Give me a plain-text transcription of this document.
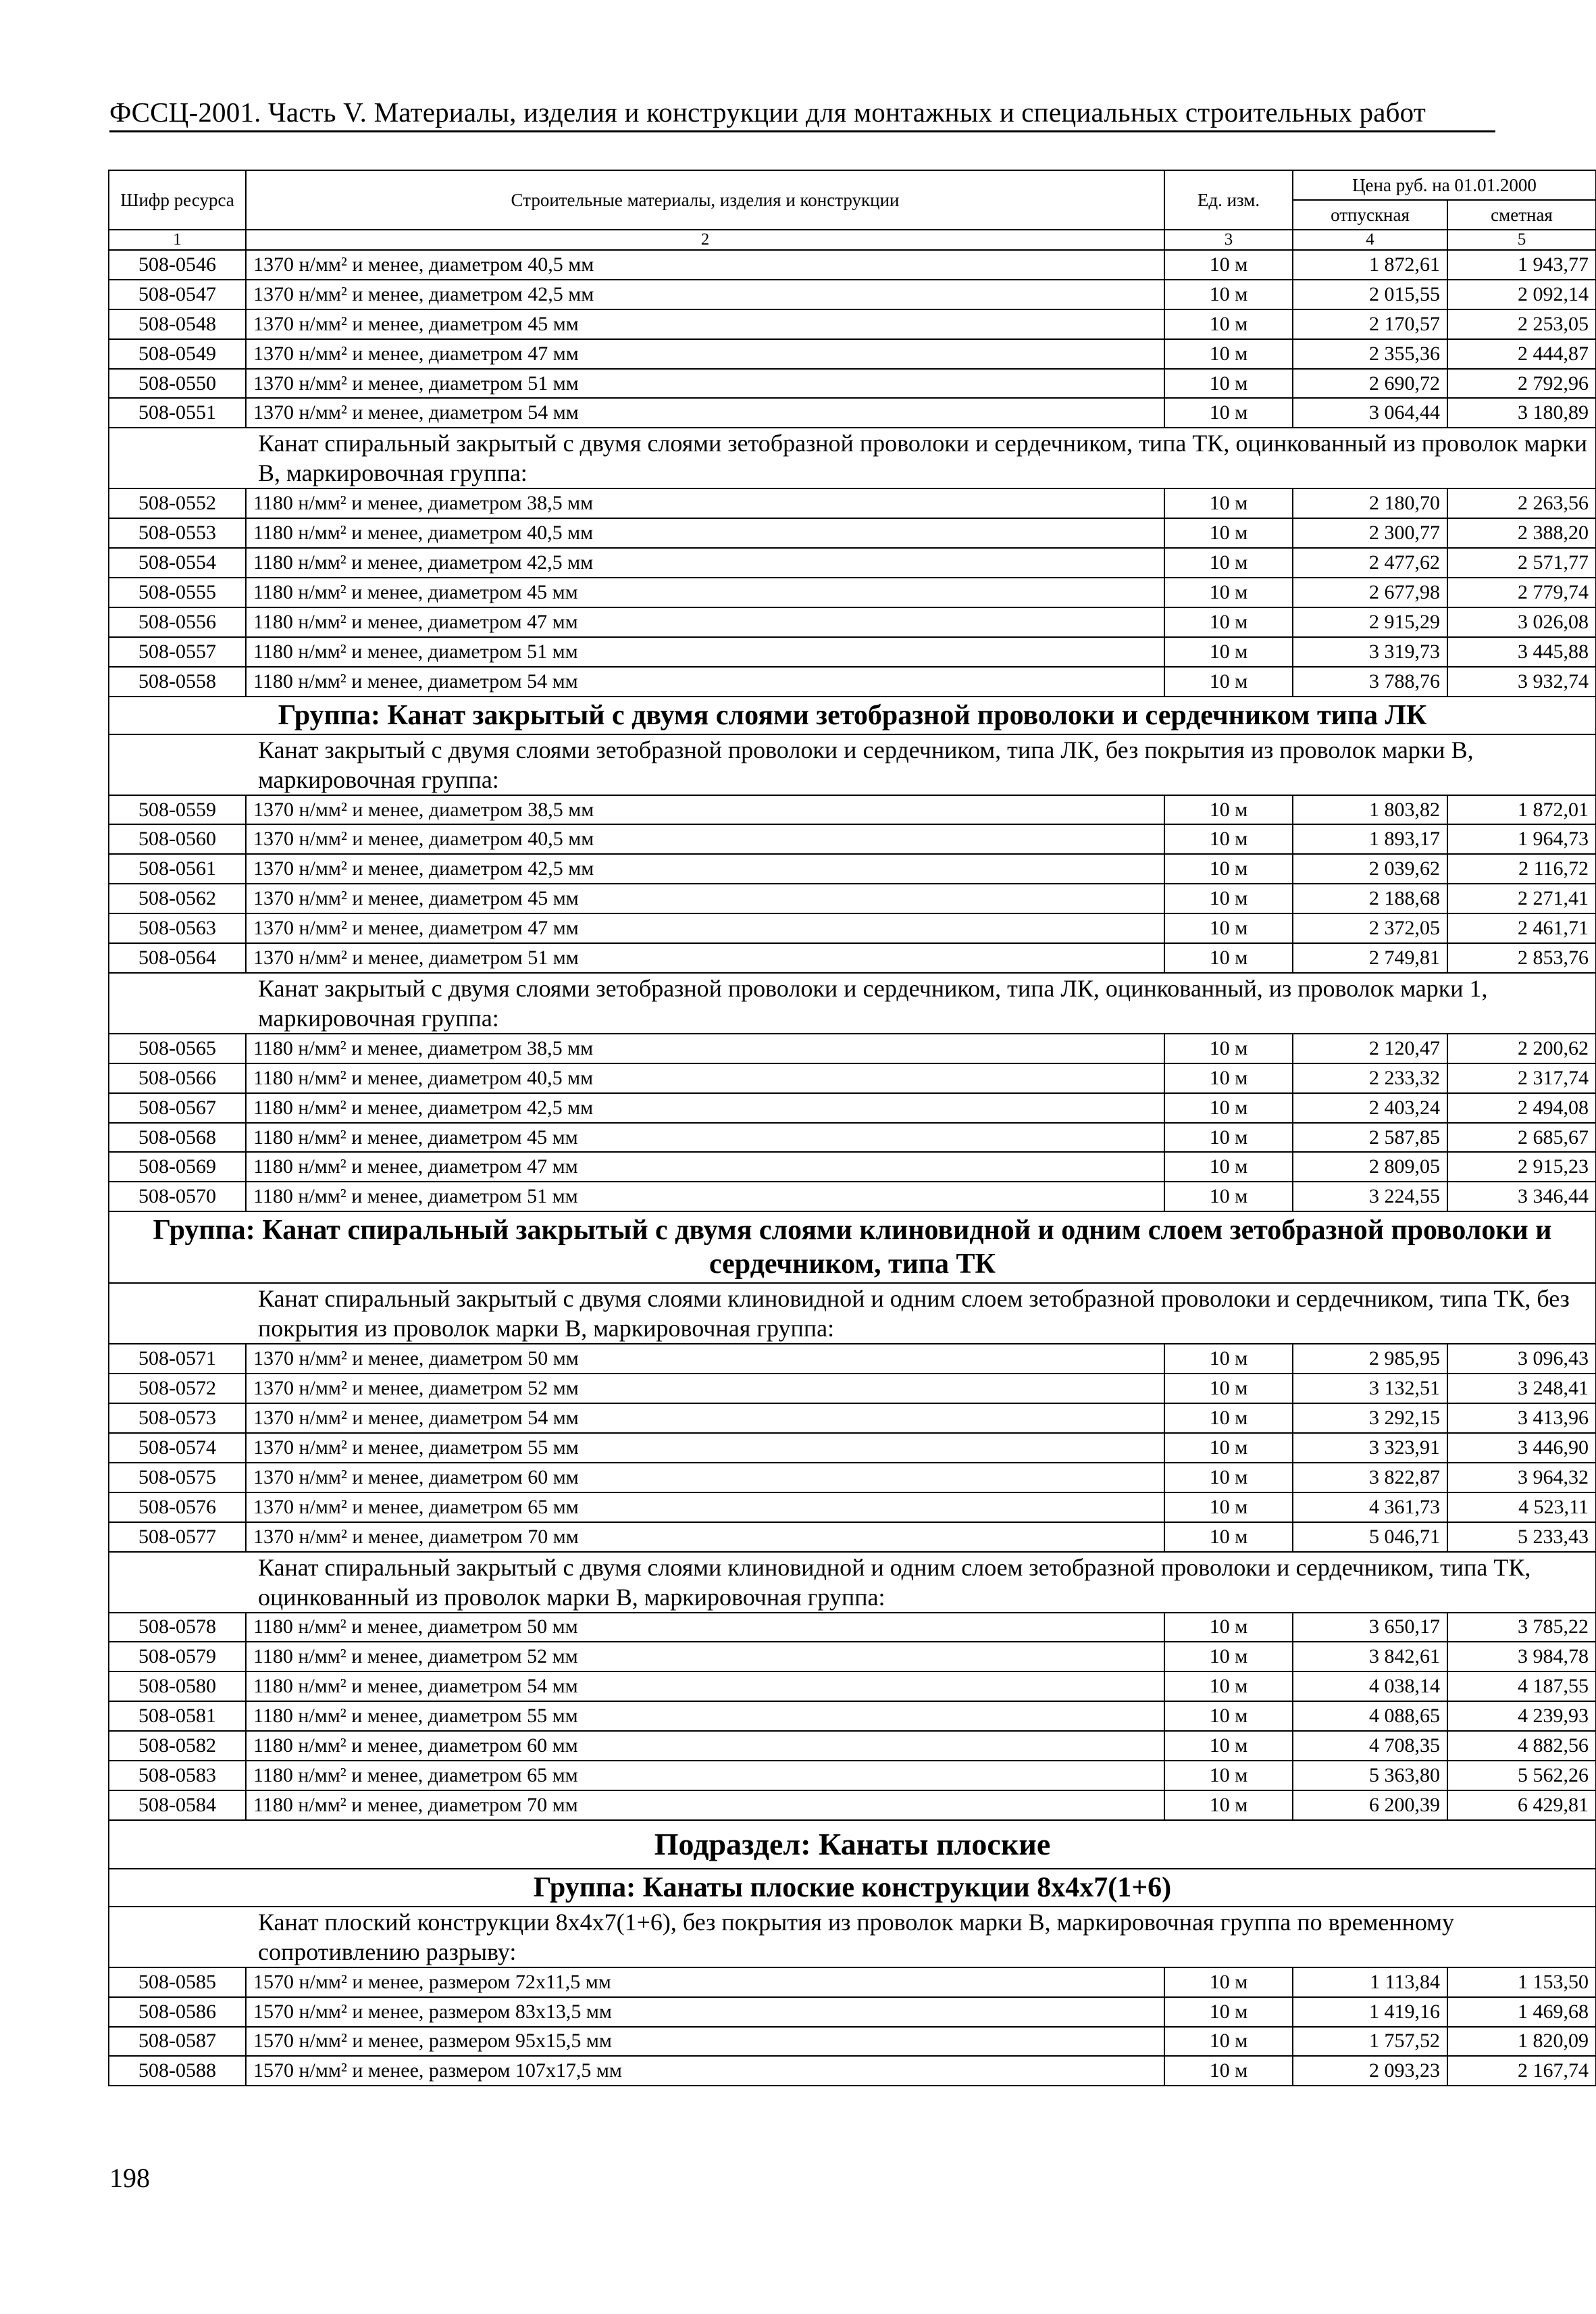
ФССЦ-2001. Часть V. Материалы, изделия и конструкции для монтажных и специальных строительных работ
Шифр ресурса	Строительные материалы, изделия и конструкции	Ед. изм.	Цена руб. на 01.01.2000	
			отпускная	сметная
1	2	3	4	5
508-0546	1370 н/мм² и менее, диаметром 40,5 мм	10 м	1 872,61	1 943,77
508-0547	1370 н/мм² и менее, диаметром 42,5 мм	10 м	2 015,55	2 092,14
508-0548	1370 н/мм² и менее, диаметром 45 мм	10 м	2 170,57	2 253,05
508-0549	1370 н/мм² и менее, диаметром 47 мм	10 м	2 355,36	2 444,87
508-0550	1370 н/мм² и менее, диаметром 51 мм	10 м	2 690,72	2 792,96
508-0551	1370 н/мм² и менее, диаметром 54 мм	10 м	3 064,44	3 180,89
Канат спиральный закрытый с двумя слоями зетобразной проволоки и сердечником, типа ТК, оцинкованный из проволок марки В, маркировочная группа:				
508-0552	1180 н/мм² и менее, диаметром 38,5 мм	10 м	2 180,70	2 263,56
508-0553	1180 н/мм² и менее, диаметром 40,5 мм	10 м	2 300,77	2 388,20
508-0554	1180 н/мм² и менее, диаметром 42,5 мм	10 м	2 477,62	2 571,77
508-0555	1180 н/мм² и менее, диаметром 45 мм	10 м	2 677,98	2 779,74
508-0556	1180 н/мм² и менее, диаметром 47 мм	10 м	2 915,29	3 026,08
508-0557	1180 н/мм² и менее, диаметром 51 мм	10 м	3 319,73	3 445,88
508-0558	1180 н/мм² и менее, диаметром 54 мм	10 м	3 788,76	3 932,74
Группа: Канат закрытый с двумя слоями зетобразной проволоки и сердечником типа ЛК				
Канат закрытый с двумя слоями зетобразной проволоки и сердечником, типа ЛК, без покрытия из проволок марки В, маркировочная группа:				
508-0559	1370 н/мм² и менее, диаметром 38,5 мм	10 м	1 803,82	1 872,01
508-0560	1370 н/мм² и менее, диаметром 40,5 мм	10 м	1 893,17	1 964,73
508-0561	1370 н/мм² и менее, диаметром 42,5 мм	10 м	2 039,62	2 116,72
508-0562	1370 н/мм² и менее, диаметром 45 мм	10 м	2 188,68	2 271,41
508-0563	1370 н/мм² и менее, диаметром 47 мм	10 м	2 372,05	2 461,71
508-0564	1370 н/мм² и менее, диаметром 51 мм	10 м	2 749,81	2 853,76
Канат закрытый с двумя слоями зетобразной проволоки и сердечником, типа ЛК, оцинкованный, из проволок марки 1, маркировочная группа:				
508-0565	1180 н/мм² и менее, диаметром 38,5 мм	10 м	2 120,47	2 200,62
508-0566	1180 н/мм² и менее, диаметром 40,5 мм	10 м	2 233,32	2 317,74
508-0567	1180 н/мм² и менее, диаметром 42,5 мм	10 м	2 403,24	2 494,08
508-0568	1180 н/мм² и менее, диаметром 45 мм	10 м	2 587,85	2 685,67
508-0569	1180 н/мм² и менее, диаметром 47 мм	10 м	2 809,05	2 915,23
508-0570	1180 н/мм² и менее, диаметром 51 мм	10 м	3 224,55	3 346,44
Группа: Канат спиральный закрытый с двумя слоями клиновидной и одним слоем зетобразной проволоки и сердечником, типа ТК				
Канат спиральный закрытый с двумя слоями клиновидной и одним слоем зетобразной проволоки и сердечником, типа ТК, без покрытия из проволок марки В, маркировочная группа:				
508-0571	1370 н/мм² и менее, диаметром 50 мм	10 м	2 985,95	3 096,43
508-0572	1370 н/мм² и менее, диаметром 52 мм	10 м	3 132,51	3 248,41
508-0573	1370 н/мм² и менее, диаметром 54 мм	10 м	3 292,15	3 413,96
508-0574	1370 н/мм² и менее, диаметром 55 мм	10 м	3 323,91	3 446,90
508-0575	1370 н/мм² и менее, диаметром 60 мм	10 м	3 822,87	3 964,32
508-0576	1370 н/мм² и менее, диаметром 65 мм	10 м	4 361,73	4 523,11
508-0577	1370 н/мм² и менее, диаметром 70 мм	10 м	5 046,71	5 233,43
Канат спиральный закрытый с двумя слоями клиновидной и одним слоем зетобразной проволоки и сердечником, типа ТК, оцинкованный из проволок марки В, маркировочная группа:				
508-0578	1180 н/мм² и менее, диаметром 50 мм	10 м	3 650,17	3 785,22
508-0579	1180 н/мм² и менее, диаметром 52 мм	10 м	3 842,61	3 984,78
508-0580	1180 н/мм² и менее, диаметром 54 мм	10 м	4 038,14	4 187,55
508-0581	1180 н/мм² и менее, диаметром 55 мм	10 м	4 088,65	4 239,93
508-0582	1180 н/мм² и менее, диаметром 60 мм	10 м	4 708,35	4 882,56
508-0583	1180 н/мм² и менее, диаметром 65 мм	10 м	5 363,80	5 562,26
508-0584	1180 н/мм² и менее, диаметром 70 мм	10 м	6 200,39	6 429,81
Подраздел: Канаты плоские				
Группа: Канаты плоские конструкции 8х4х7(1+6)				
Канат плоский конструкции 8х4х7(1+6), без покрытия из проволок марки В, маркировочная группа по временному сопротивлению разрыву:				
508-0585	1570 н/мм² и менее, размером 72х11,5 мм	10 м	1 113,84	1 153,50
508-0586	1570 н/мм² и менее, размером 83х13,5 мм	10 м	1 419,16	1 469,68
508-0587	1570 н/мм² и менее, размером 95х15,5 мм	10 м	1 757,52	1 820,09
508-0588	1570 н/мм² и менее, размером 107х17,5 мм	10 м	2 093,23	2 167,74
198
